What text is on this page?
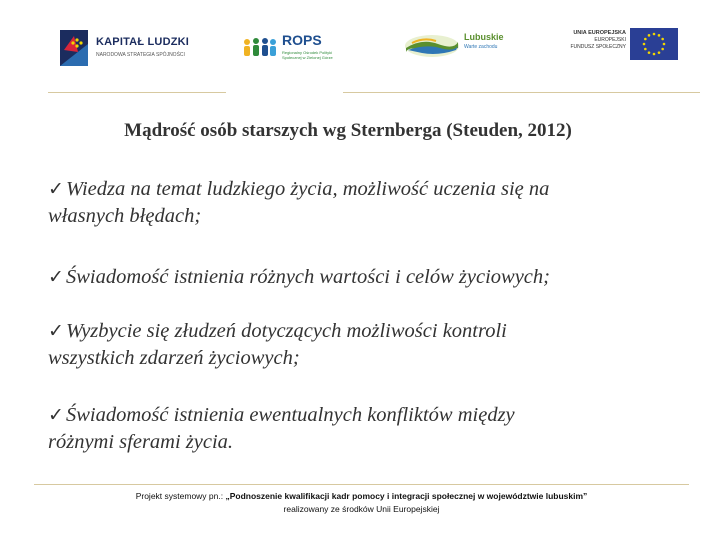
KAPITAŁ LUDZKI
NARODOWA STRATEGIA SPÓJNOŚCI
ROPS
Regionalny Ośrodek Polityki Społecznej w Zielonej Górze
Lubuskie
Warte zachodu
UNIA EUROPEJSKA
EUROPEJSKI
FUNDUSZ SPOŁECZNY
Mądrość osób starszych wg Sternberga (Steuden, 2012)
✓ Wiedza na temat ludzkiego życia, możliwość uczenia się na
własnych błędach;
✓ Świadomość istnienia różnych wartości i celów życiowych;
✓ Wyzbycie się złudzeń dotyczących możliwości kontroli
wszystkich zdarzeń życiowych;
✓ Świadomość istnienia ewentualnych konfliktów między
różnymi sferami życia.
Projekt systemowy pn.: „Podnoszenie kwalifikacji kadr pomocy i integracji społecznej w województwie lubuskim”
realizowany ze środków Unii Europejskiej
